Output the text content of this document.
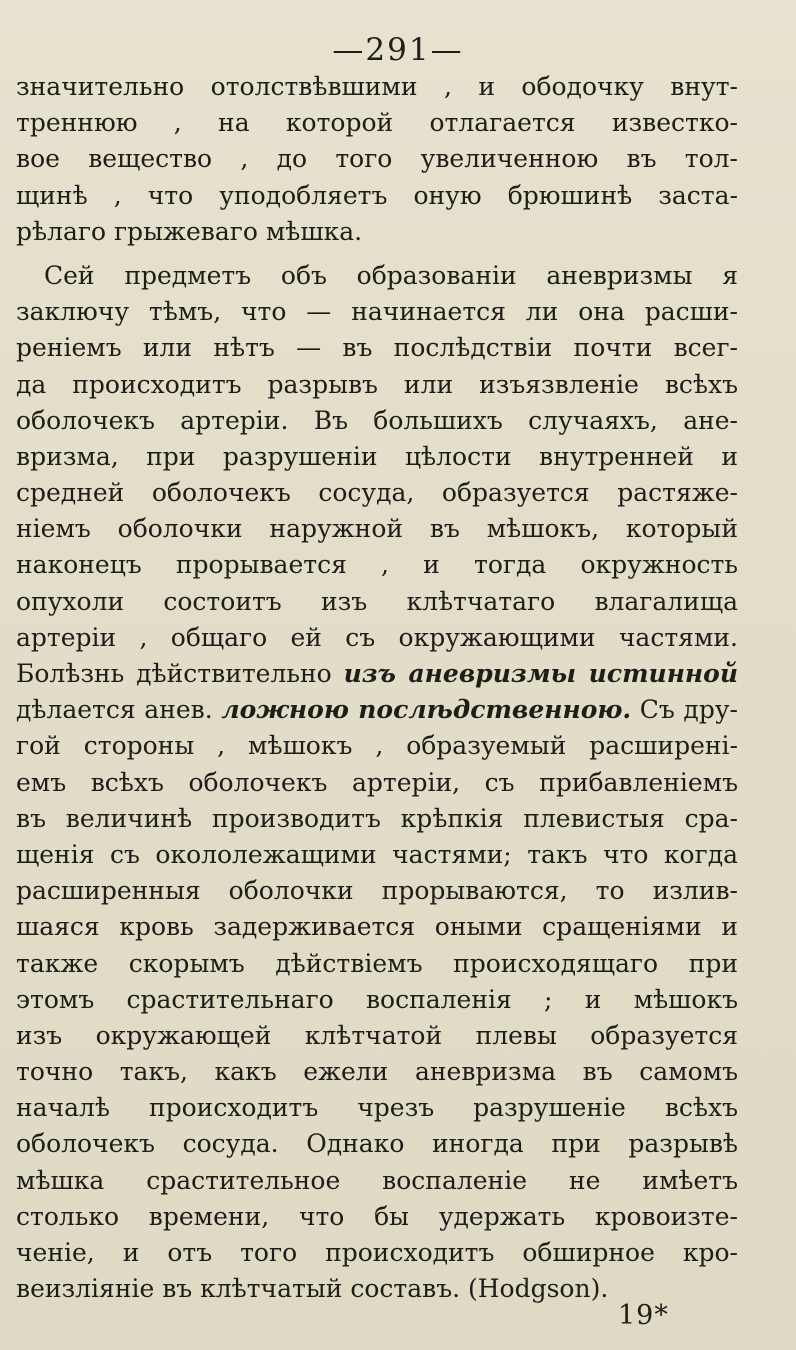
—291—
значительно отолствѣвшими , и ободочку внут-
треннюю , на которой отлагается известко-
вое вещество , до того увеличенною въ тол-
щинѣ , что уподобляетъ оную брюшинѣ заста-
рѣлаго грыжеваго мѣшка.
Сей предметъ объ образованіи аневризмы я
заключу тѣмъ, что — начинается ли она расши-
реніемъ или нѣтъ — въ послѣдствіи почти всег-
да происходитъ разрывъ или изъязвленіе всѣхъ
оболочекъ артеріи. Въ большихъ случаяхъ, ане-
вризма, при разрушеніи цѣлости внутренней и
средней оболочекъ сосуда, образуется растяже-
ніемъ оболочки наружной въ мѣшокъ, который
наконецъ прорывается , и тогда окружность
опухоли состоитъ изъ клѣтчатаго влагалища
артеріи , общаго ей съ окружающими частями.
Болѣзнь дѣйствительно изъ аневризмы истинной
дѣлается анев. ложною послѣдственною. Съ дру-
гой стороны , мѣшокъ , образуемый расширені-
емъ всѣхъ оболочекъ артеріи, съ прибавленіемъ
въ величинѣ производитъ крѣпкія плевистыя сра-
щенія съ окололежащими частями; такъ что когда
расширенныя оболочки прорываются, то излив-
шаяся кровь задерживается оными сращеніями и
также скорымъ дѣйствіемъ происходящаго при
этомъ срастительнаго воспаленія ; и мѣшокъ
изъ окружающей клѣтчатой плевы образуется
точно такъ, какъ ежели аневризма въ самомъ
началѣ происходитъ чрезъ разрушеніе всѣхъ
оболочекъ сосуда. Однако иногда при разрывѣ
мѣшка срастительное воспаленіе не имѣетъ
столько времени, что бы удержать кровоизте-
ченіе, и отъ того происходитъ обширное кро-
веизліяніе въ клѣтчатый составъ. (Hodgson).
19*
